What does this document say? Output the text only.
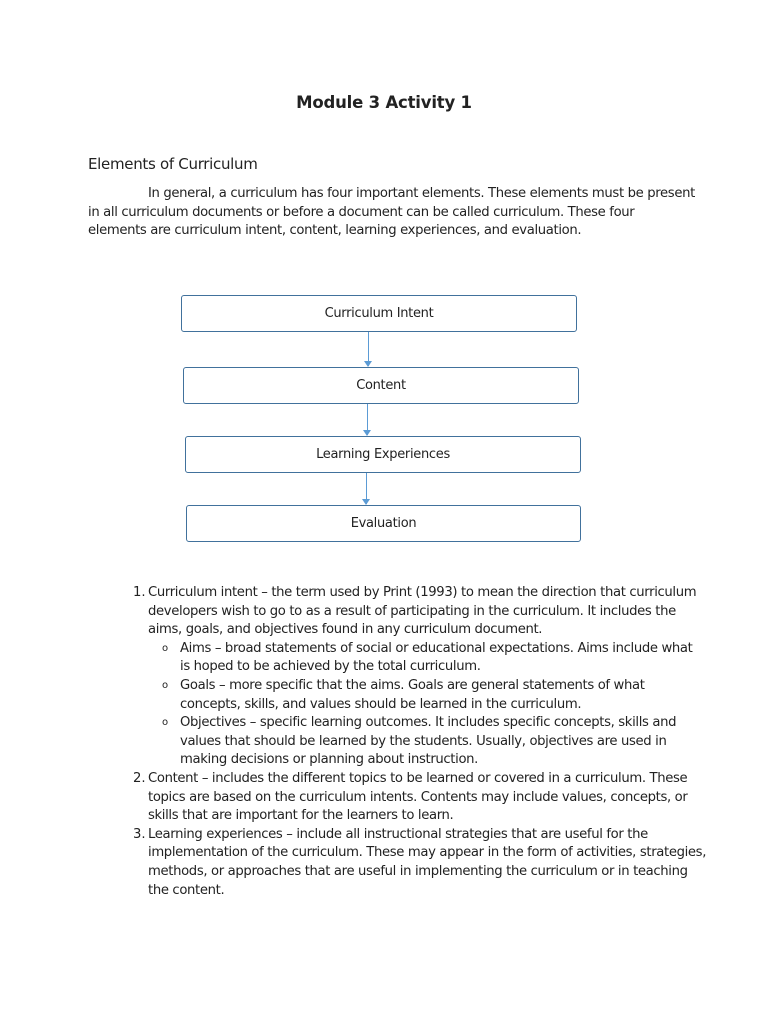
Module 3 Activity 1
Elements of Curriculum
In general, a curriculum has four important elements. These elements must be present
in all curriculum documents or before a document can be called curriculum. These four
elements are curriculum intent, content, learning experiences, and evaluation.
Curriculum Intent
Content
Learning Experiences
Evaluation
1. Curriculum intent – the term used by Print (1993) to mean the direction that curriculum
developers wish to go to as a result of participating in the curriculum. It includes the
aims, goals, and objectives found in any curriculum document.
o Aims – broad statements of social or educational expectations. Aims include what
is hoped to be achieved by the total curriculum.
o Goals – more specific that the aims. Goals are general statements of what
concepts, skills, and values should be learned in the curriculum.
o Objectives – specific learning outcomes. It includes specific concepts, skills and
values that should be learned by the students. Usually, objectives are used in
making decisions or planning about instruction.
2. Content – includes the different topics to be learned or covered in a curriculum. These
topics are based on the curriculum intents. Contents may include values, concepts, or
skills that are important for the learners to learn.
3. Learning experiences – include all instructional strategies that are useful for the
implementation of the curriculum. These may appear in the form of activities, strategies,
methods, or approaches that are useful in implementing the curriculum or in teaching
the content.
